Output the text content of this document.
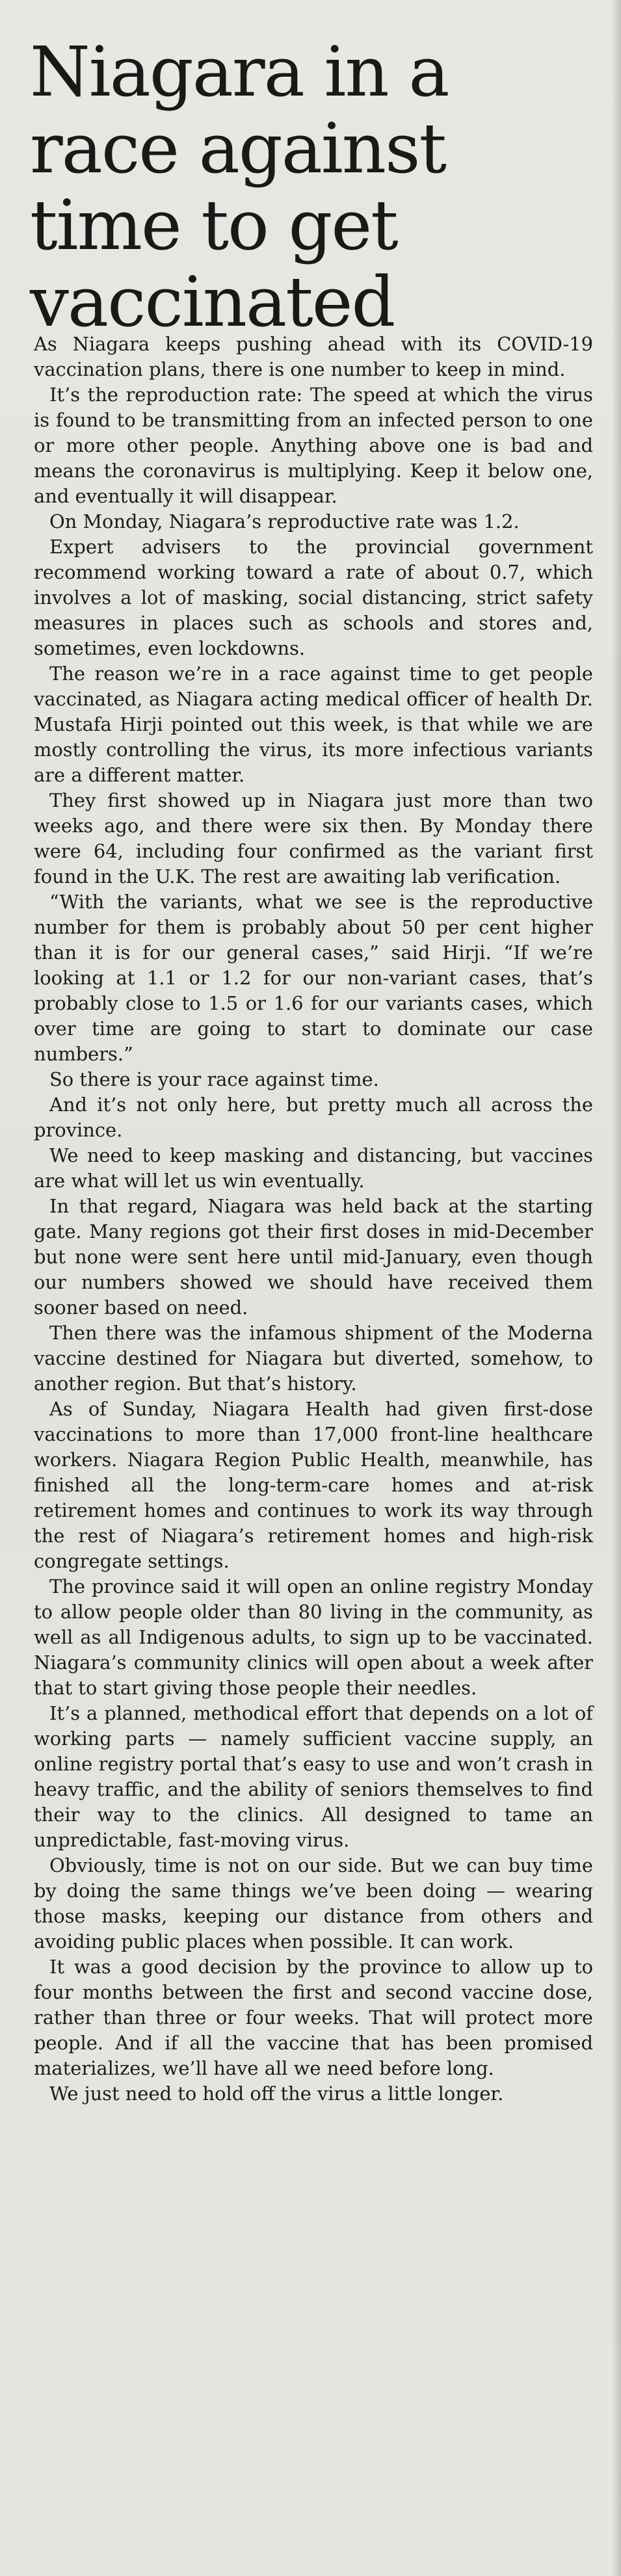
Niagara in a race against time to get vaccinated

As Niagara keeps pushing ahead with its COVID-19 vaccination plans, there is one number to keep in mind.

It’s the reproduction rate: The speed at which the virus is found to be transmitting from an infected person to one or more other people. Anything above one is bad and means the coronavirus is multiplying. Keep it below one, and eventually it will disappear.

On Monday, Niagara’s reproductive rate was 1.2.

Expert advisers to the provincial government recommend working toward a rate of about 0.7, which involves a lot of masking, social distancing, strict safety measures in places such as schools and stores and, sometimes, even lockdowns.

The reason we’re in a race against time to get people vaccinated, as Niagara acting medical officer of health Dr. Mustafa Hirji pointed out this week, is that while we are mostly controlling the virus, its more infectious variants are a different matter.

They first showed up in Niagara just more than two weeks ago, and there were six then. By Monday there were 64, including four confirmed as the variant first found in the U.K. The rest are awaiting lab verification.

“With the variants, what we see is the reproductive number for them is probably about 50 per cent higher than it is for our general cases,” said Hirji. “If we’re looking at 1.1 or 1.2 for our non-variant cases, that’s probably close to 1.5 or 1.6 for our variants cases, which over time are going to start to dominate our case numbers.”

So there is your race against time.

And it’s not only here, but pretty much all across the province.

We need to keep masking and distancing, but vaccines are what will let us win eventually.

In that regard, Niagara was held back at the starting gate. Many regions got their first doses in mid-December but none were sent here until mid-January, even though our numbers showed we should have received them sooner based on need.

Then there was the infamous shipment of the Moderna vaccine destined for Niagara but diverted, somehow, to another region. But that’s history.

As of Sunday, Niagara Health had given first-dose vaccinations to more than 17,000 front-line healthcare workers. Niagara Region Public Health, meanwhile, has finished all the long-term-care homes and at-risk retirement homes and continues to work its way through the rest of Niagara’s retirement homes and high-risk congregate settings.

The province said it will open an online registry Monday to allow people older than 80 living in the community, as well as all Indigenous adults, to sign up to be vaccinated. Niagara’s community clinics will open about a week after that to start giving those people their needles.

It’s a planned, methodical effort that depends on a lot of working parts — namely sufficient vaccine supply, an online registry portal that’s easy to use and won’t crash in heavy traffic, and the ability of seniors themselves to find their way to the clinics. All designed to tame an unpredictable, fast-moving virus.

Obviously, time is not on our side. But we can buy time by doing the same things we’ve been doing — wearing those masks, keeping our distance from others and avoiding public places when possible. It can work.

It was a good decision by the province to allow up to four months between the first and second vaccine dose, rather than three or four weeks. That will protect more people. And if all the vaccine that has been promised materializes, we’ll have all we need before long.

We just need to hold off the virus a little longer.
